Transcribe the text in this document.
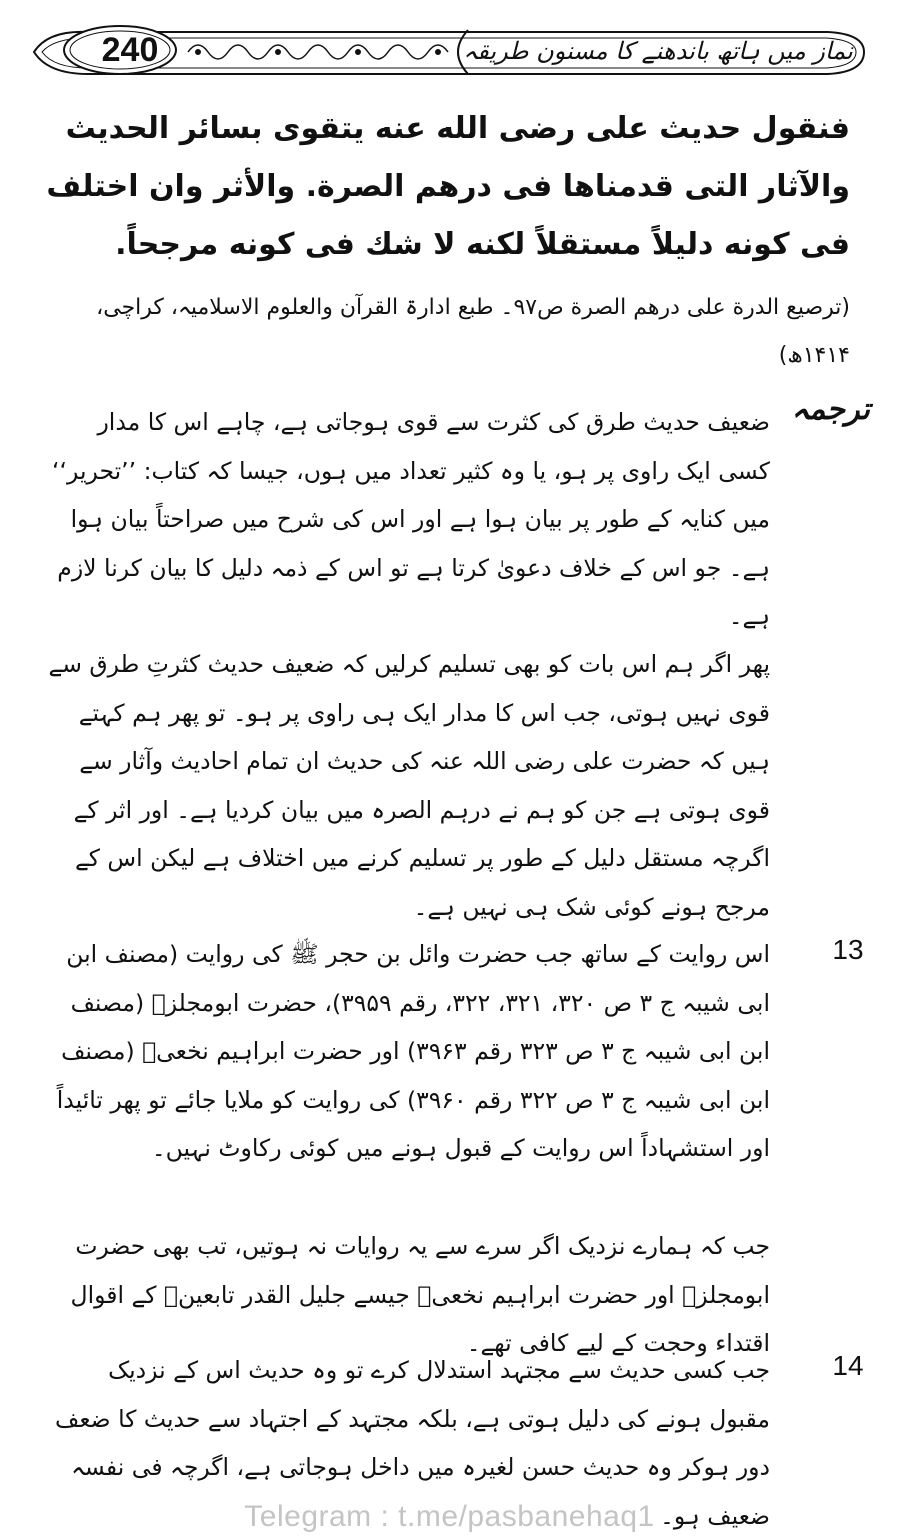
240	نماز میں ہاتھ باندھنے کا مسنون طریقہ
فنقول حديث علی رضی الله عنه يتقوی بسائر الحديث والآثار التی قدمناها فی درهم الصرة. والأثر وان اختلف فی كونه دليلاً مستقلاً لكنه لا شك فی كونه مرجحاً.
(ترصيع الدرة علی درهم الصرة ص٩٧۔ طبع ادارۃ القرآن والعلوم الاسلامیہ، کراچی، ۱۴۱۴ھ)
ترجمہ
ضعیف حدیث طرق کی کثرت سے قوی ہوجاتی ہے، چاہے اس کا مدار کسی ایک راوی پر ہو، یا وہ کثیر تعداد میں ہوں، جیسا کہ کتاب: ’’تحریر‘‘ میں کنایہ کے طور پر بیان ہوا ہے اور اس کی شرح میں صراحتاً بیان ہوا ہے۔ جو اس کے خلاف دعویٰ کرتا ہے تو اس کے ذمہ دلیل کا بیان کرنا لازم ہے۔
پھر اگر ہم اس بات کو بھی تسلیم کرلیں کہ ضعیف حدیث کثرتِ طرق سے قوی نہیں ہوتی، جب اس کا مدار ایک ہی راوی پر ہو۔ تو پھر ہم کہتے ہیں کہ حضرت علی رضی اللہ عنہ کی حدیث ان تمام احادیث وآثار سے قوی ہوتی ہے جن کو ہم نے درہم الصرہ میں بیان کردیا ہے۔ اور اثر کے اگرچہ مستقل دلیل کے طور پر تسلیم کرنے میں اختلاف ہے لیکن اس کے مرجح ہونے کوئی شک ہی نہیں ہے۔
13
اس روایت کے ساتھ جب حضرت وائل بن حجر ﷺ کی روایت (مصنف ابن ابی شیبہ ج ۳ ص ۳۲۰، ۳۲۱، ۳۲۲، رقم ۳۹۵۹)، حضرت ابومجلزؒ (مصنف ابن ابی شیبہ ج ۳ ص ۳۲۳ رقم ۳۹۶۳) اور حضرت ابراہیم نخعیؒ (مصنف ابن ابی شیبہ ج ۳ ص ۳۲۲ رقم ۳۹۶۰) کی روایت کو ملایا جائے تو پھر تائیداً اور استشہاداً اس روایت کے قبول ہونے میں کوئی رکاوٹ نہیں۔
جب کہ ہمارے نزدیک اگر سرے سے یہ روایات نہ ہوتیں، تب بھی حضرت ابومجلزؒ اور حضرت ابراہیم نخعیؒ جیسے جلیل القدر تابعینؒ کے اقوال اقتداء وحجت کے لیے کافی تھے۔
14
جب کسی حدیث سے مجتہد استدلال کرے تو وہ حدیث اس کے نزدیک مقبول ہونے کی دلیل ہوتی ہے، بلکہ مجتہد کے اجتہاد سے حدیث کا ضعف دور ہوکر وہ حدیث حسن لغیرہ میں داخل ہوجاتی ہے، اگرچہ فی نفسہ ضعیف ہو۔
Telegram : t.me/pasbanehaq1
